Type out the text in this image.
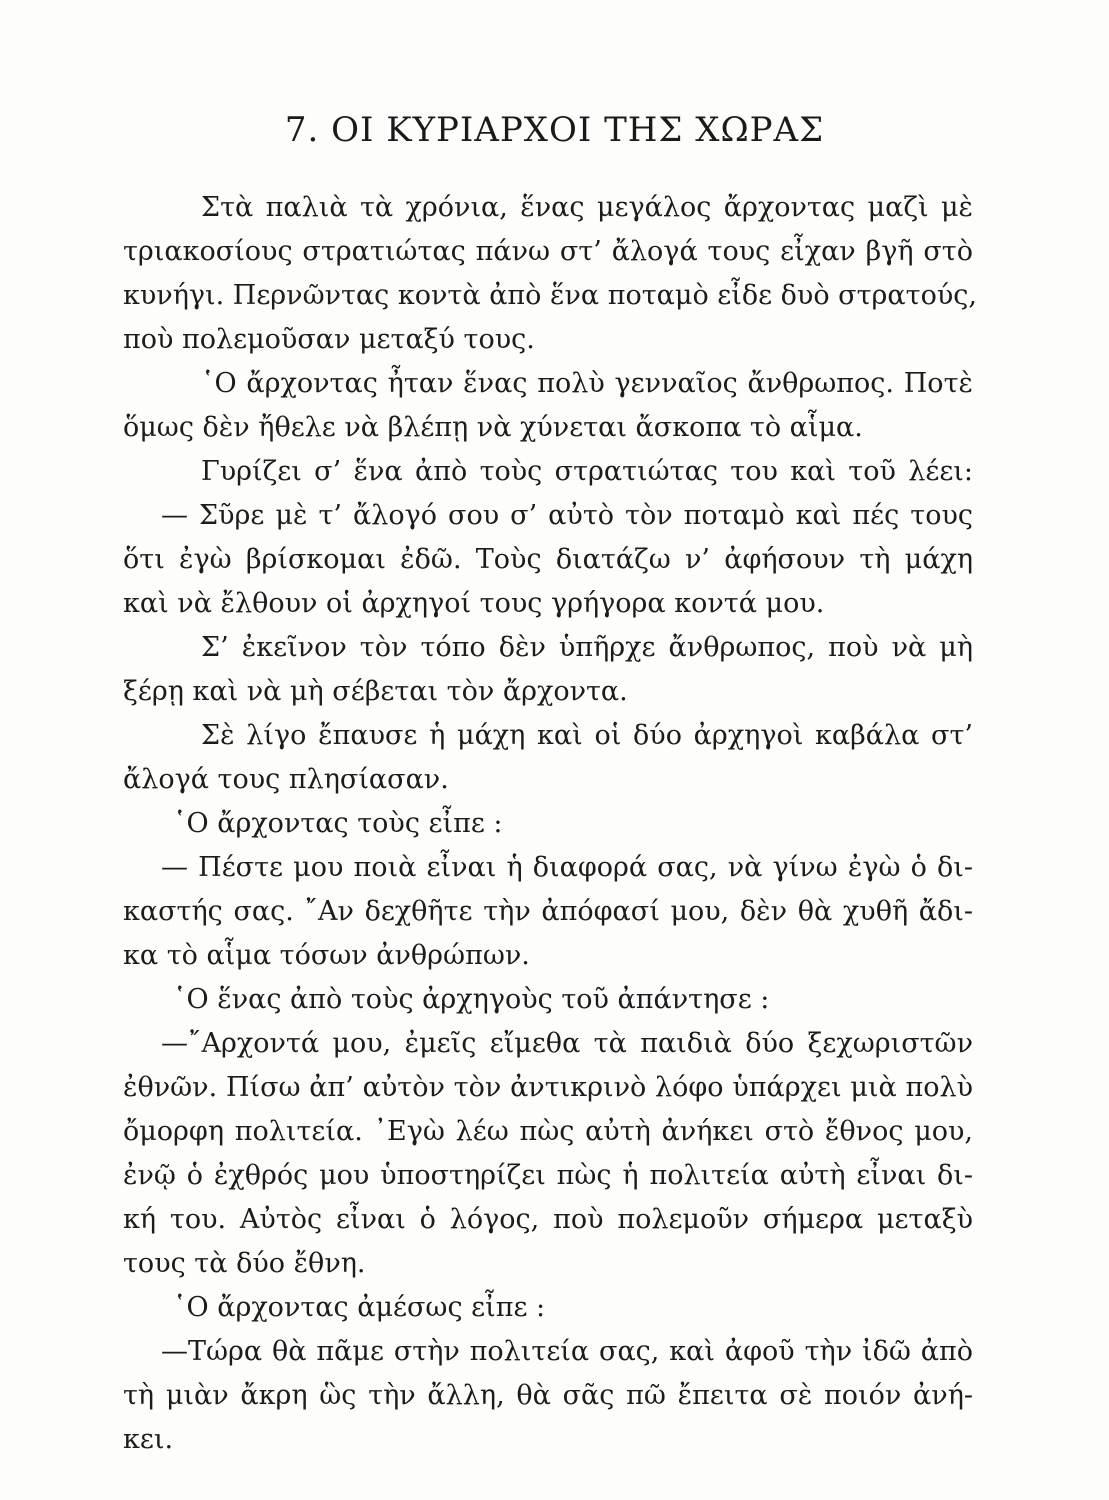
7. ΟΙ ΚΥΡΙΑΡΧΟΙ ΤΗΣ ΧΩΡΑΣ

Στὰ παλιὰ τὰ χρόνια, ἕνας μεγάλος ἄρχοντας μαζὶ μὲ

τριακοσίους στρατιώτας πάνω στ’ ἄλογά τους εἶχαν βγῆ στὸ

κυνήγι. Περνῶντας κοντὰ ἀπὸ ἕνα ποταμὸ εἶδε δυὸ στρατούς,

ποὺ πολεμοῦσαν μεταξύ τους.

῾Ο ἄρχοντας ἦταν ἕνας πολὺ γενναῖος ἄνθρωπος. Ποτὲ

ὅμως δὲν ἤθελε νὰ βλέπῃ νὰ χύνεται ἄσκοπα τὸ αἷμα.

Γυρίζει σ’ ἕνα ἀπὸ τοὺς στρατιώτας του καὶ τοῦ λέει:

— Σῦρε μὲ τ’ ἄλογό σου σ’ αὐτὸ τὸν ποταμὸ καὶ πές τους

ὅτι ἐγὼ βρίσκομαι ἐδῶ. Τοὺς διατάζω ν’ ἀφήσουν τὴ μάχη

καὶ νὰ ἔλθουν οἱ ἀρχηγοί τους γρήγορα κοντά μου.

Σ’ ἐκεῖνον τὸν τόπο δὲν ὑπῆρχε ἄνθρωπος, ποὺ νὰ μὴ

ξέρῃ καὶ νὰ μὴ σέβεται τὸν ἄρχοντα.

Σὲ λίγο ἔπαυσε ἡ μάχη καὶ οἱ δύο ἀρχηγοὶ καβάλα στ’

ἄλογά τους πλησίασαν.

῾Ο ἄρχοντας τοὺς εἶπε :

— Πέστε μου ποιὰ εἶναι ἡ διαφορά σας, νὰ γίνω ἐγὼ ὁ δι-

καστής σας. ῎Αν δεχθῆτε τὴν ἀπόφασί μου, δὲν θὰ χυθῆ ἄδι-

κα τὸ αἷμα τόσων ἀνθρώπων.

῾Ο ἕνας ἀπὸ τοὺς ἀρχηγοὺς τοῦ ἀπάντησε :

—῎Αρχοντά μου, ἐμεῖς εἴμεθα τὰ παιδιὰ δύο ξεχωριστῶν

ἐθνῶν. Πίσω ἀπ’ αὐτὸν τὸν ἀντικρινὸ λόφο ὑπάρχει μιὰ πολὺ

ὄμορφη πολιτεία. ᾿Εγὼ λέω πὼς αὐτὴ ἀνήκει στὸ ἔθνος μου,

ἐνῷ ὁ ἐχθρός μου ὑποστηρίζει πὼς ἡ πολιτεία αὐτὴ εἶναι δι-

κή του. Αὐτὸς εἶναι ὁ λόγος, ποὺ πολεμοῦν σήμερα μεταξὺ

τους τὰ δύο ἔθνη.

῾Ο ἄρχοντας ἀμέσως εἶπε :

—Τώρα θὰ πᾶμε στὴν πολιτεία σας, καὶ ἀφοῦ τὴν ἰδῶ ἀπὸ

τὴ μιὰν ἄκρη ὣς τὴν ἄλλη, θὰ σᾶς πῶ ἔπειτα σὲ ποιόν ἀνή-

κει.
